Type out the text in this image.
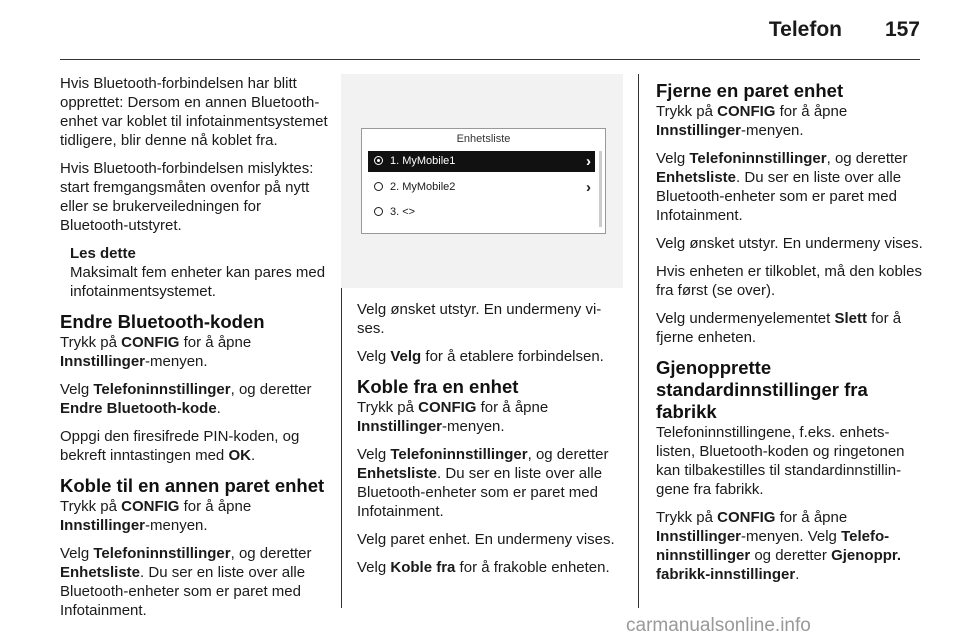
Telefon 157

Hvis Bluetooth-forbindelsen har blitt opprettet: Dersom en annen Bluetooth-enhet var koblet til infotainmentsystemet tidligere, blir denne nå koblet fra.

Hvis Bluetooth-forbindelsen mislyktes: start fremgangsmåten ovenfor på nytt eller se brukerveiledningen for Bluetooth-utstyret.

Les dette
Maksimalt fem enheter kan pares med infotainmentsystemet.
Endre Bluetooth-koden

Trykk på CONFIG for å åpne Innstillinger-menyen.

Velg Telefoninnstillinger, og deretter Endre Bluetooth-kode.

Oppgi den firesifrede PIN-koden, og bekreft inntastingen med OK.

Koble til en annen paret enhet

Trykk på CONFIG for å åpne Innstillinger-menyen.

Velg Telefoninnstillinger, og deretter Enhetsliste. Du ser en liste over alle Bluetooth-enheter som er paret med Infotainment.

Enhetsliste
1. MyMobile1	›
2. MyMobile2	›
3. <>

Velg ønsket utstyr. En undermeny vises.

Velg Velg for å etablere forbindelsen.

Koble fra en enhet

Trykk på CONFIG for å åpne Innstillinger-menyen.

Velg Telefoninnstillinger, og deretter Enhetsliste. Du ser en liste over alle Bluetooth-enheter som er paret med Infotainment.

Velg paret enhet. En undermeny vises.

Velg Koble fra for å frakoble enheten.

Fjerne en paret enhet

Trykk på CONFIG for å åpne Innstillinger-menyen.

Velg Telefoninnstillinger, og deretter Enhetsliste. Du ser en liste over alle Bluetooth-enheter som er paret med Infotainment.

Velg ønsket utstyr. En undermeny vises.

Hvis enheten er tilkoblet, må den kobles fra først (se over).

Velg undermenyelementet Slett for å fjerne enheten.

Gjenopprette standardinnstillinger fra fabrikk

Telefoninnstillingene, f.eks. enhetslisten, Bluetooth-koden og ringetonen kan tilbakestilles til standardinnstillingene fra fabrikk.

Trykk på CONFIG for å åpne Innstillinger-menyen. Velg Telefoninnstillinger og deretter Gjenoppr. fabrikk-innstillinger.

carmanualsonline.info
